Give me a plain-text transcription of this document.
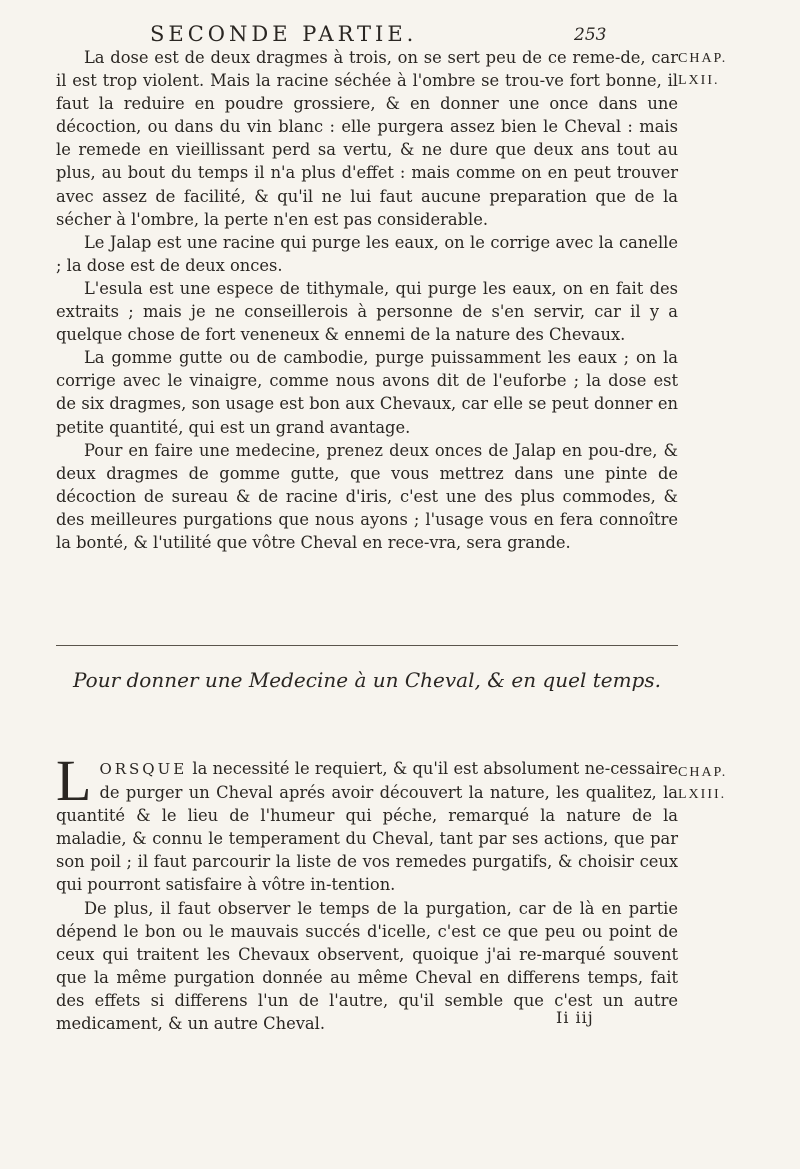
SECONDE PARTIE.	253
CHAP. LXII.

La dose est de deux dragmes à trois, on se sert peu de ce reme-de, car il est trop violent. Mais la racine séchée à l'ombre se trou-ve fort bonne, il faut la reduire en poudre grossiere, & en donner une once dans une décoction, ou dans du vin blanc : elle purgera assez bien le Cheval : mais le remede en vieillissant perd sa vertu, & ne dure que deux ans tout au plus, au bout du temps il n'a plus d'effet : mais comme on en peut trouver avec assez de facilité, & qu'il ne lui faut aucune preparation que de la sécher à l'ombre, la perte n'en est pas considerable.

Le Jalap est une racine qui purge les eaux, on le corrige avec la canelle ; la dose est de deux onces.

L'esula est une espece de tithymale, qui purge les eaux, on en fait des extraits ; mais je ne conseillerois à personne de s'en servir, car il y a quelque chose de fort veneneux & ennemi de la nature des Chevaux.

La gomme gutte ou de cambodie, purge puissamment les eaux ; on la corrige avec le vinaigre, comme nous avons dit de l'euforbe ; la dose est de six dragmes, son usage est bon aux Chevaux, car elle se peut donner en petite quantité, qui est un grand avantage.

Pour en faire une medecine, prenez deux onces de Jalap en pou-dre, & deux dragmes de gomme gutte, que vous mettrez dans une pinte de décoction de sureau & de racine d'iris, c'est une des plus commodes, & des meilleures purgations que nous ayons ; l'usage vous en fera connoître la bonté, & l'utilité que vôtre Cheval en rece-vra, sera grande.

Pour donner une Medecine à un Cheval, & en quel temps.
CHAP. LXIII.

LORSQUE la necessité le requiert, & qu'il est absolument ne-cessaire de purger un Cheval aprés avoir découvert la nature, les qualitez, la quantité & le lieu de l'humeur qui péche, remarqué la nature de la maladie, & connu le temperament du Cheval, tant par ses actions, que par son poil ; il faut parcourir la liste de vos remedes purgatifs, & choisir ceux qui pourront satisfaire à vôtre in-tention.

De plus, il faut observer le temps de la purgation, car de là en partie dépend le bon ou le mauvais succés d'icelle, c'est ce que peu ou point de ceux qui traitent les Chevaux observent, quoique j'ai re-marqué souvent que la même purgation donnée au même Cheval en differens temps, fait des effets si differens l'un de l'autre, qu'il semble que c'est un autre medicament, & un autre Cheval.	Ii iij
